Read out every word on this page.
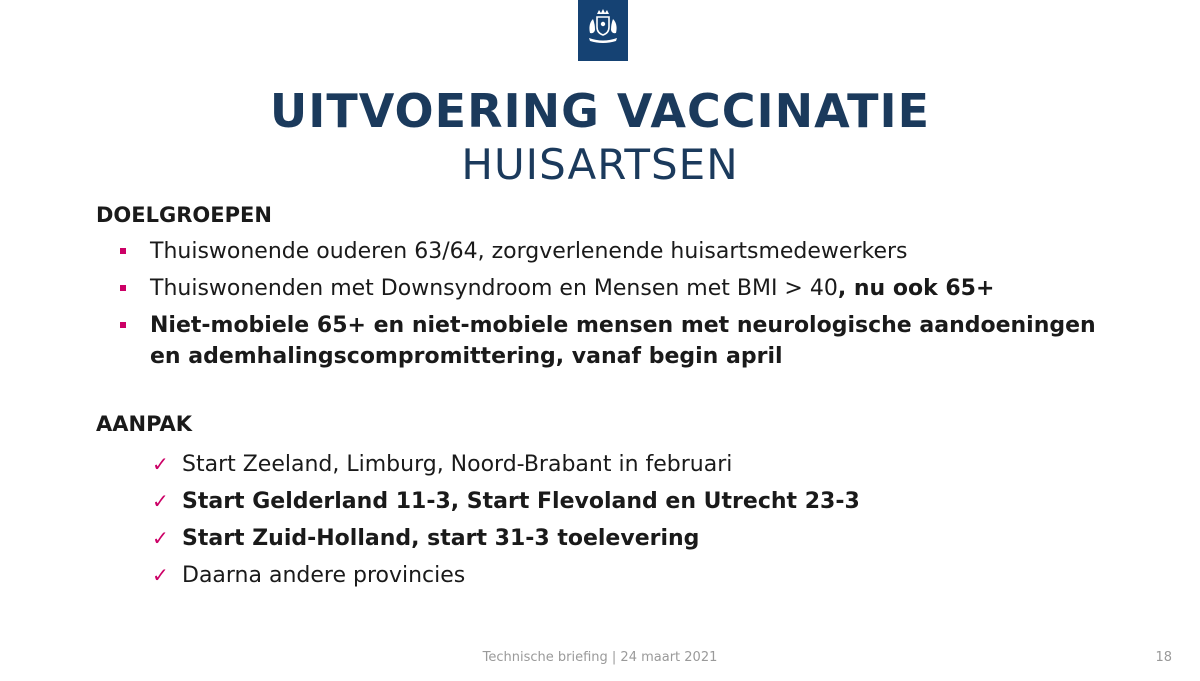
UITVOERING VACCINATIE
HUISARTSEN
DOELGROEPEN
Thuiswonende ouderen 63/64, zorgverlenende huisartsmedewerkers
Thuiswonenden met Downsyndroom en Mensen met BMI > 40, nu ook 65+
Niet-mobiele 65+ en niet-mobiele mensen met neurologische aandoeningen en ademhalingscompromittering, vanaf begin april
AANPAK
✓ Start Zeeland, Limburg, Noord-Brabant in februari
✓ Start Gelderland 11-3, Start Flevoland en Utrecht 23-3
✓ Start Zuid-Holland, start 31-3 toelevering
✓ Daarna andere provincies
Technische briefing | 24 maart 2021	18
